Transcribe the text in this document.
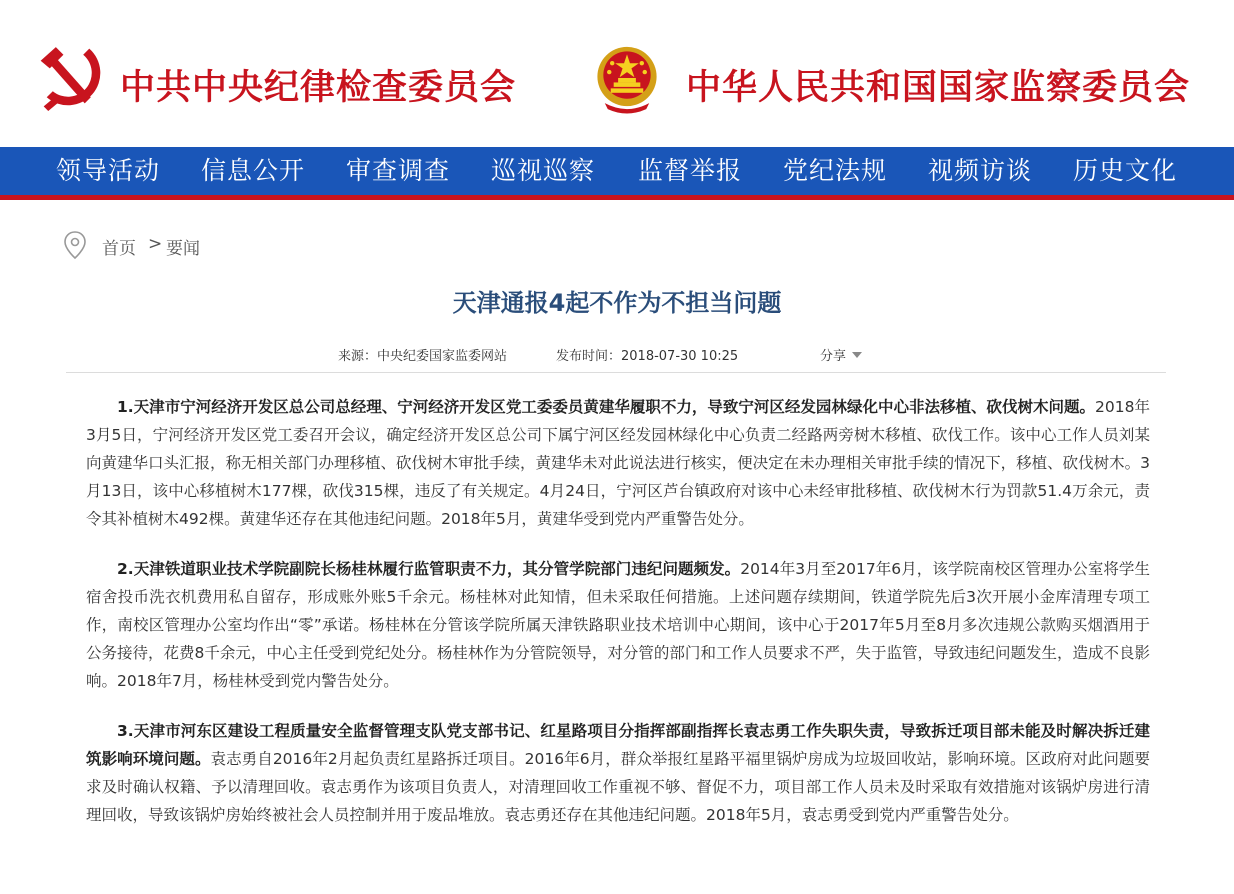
中共中央纪律检查委员会	中华人民共和国国家监察委员会
领导活动 信息公开 审查调查 巡视巡察 监督举报 党纪法规 视频访谈 历史文化
首页 > 要闻
天津通报4起不作为不担当问题
来源：中央纪委国家监委网站	发布时间：2018-07-30 10:25	分享

1.天津市宁河经济开发区总公司总经理、宁河经济开发区党工委委员黄建华履职不力，导致宁河区经发园林绿化中心非法移植、砍伐树木问题。2018年3月5日，宁河经济开发区党工委召开会议，确定经济开发区总公司下属宁河区经发园林绿化中心负责二经路两旁树木移植、砍伐工作。该中心工作人员刘某向黄建华口头汇报，称无相关部门办理移植、砍伐树木审批手续，黄建华未对此说法进行核实，便决定在未办理相关审批手续的情况下，移植、砍伐树木。3月13日，该中心移植树木177棵，砍伐315棵，违反了有关规定。4月24日，宁河区芦台镇政府对该中心未经审批移植、砍伐树木行为罚款51.4万余元，责令其补植树木492棵。黄建华还存在其他违纪问题。2018年5月，黄建华受到党内严重警告处分。

2.天津铁道职业技术学院副院长杨桂林履行监管职责不力，其分管学院部门违纪问题频发。2014年3月至2017年6月，该学院南校区管理办公室将学生宿舍投币洗衣机费用私自留存，形成账外账5千余元。杨桂林对此知情，但未采取任何措施。上述问题存续期间，铁道学院先后3次开展小金库清理专项工作，南校区管理办公室均作出“零”承诺。杨桂林在分管该学院所属天津铁路职业技术培训中心期间，该中心于2017年5月至8月多次违规公款购买烟酒用于公务接待，花费8千余元，中心主任受到党纪处分。杨桂林作为分管院领导，对分管的部门和工作人员要求不严，失于监管，导致违纪问题发生，造成不良影响。2018年7月，杨桂林受到党内警告处分。

3.天津市河东区建设工程质量安全监督管理支队党支部书记、红星路项目分指挥部副指挥长袁志勇工作失职失责，导致拆迁项目部未能及时解决拆迁建筑影响环境问题。袁志勇自2016年2月起负责红星路拆迁项目。2016年6月，群众举报红星路平福里锅炉房成为垃圾回收站，影响环境。区政府对此问题要求及时确认权籍、予以清理回收。袁志勇作为该项目负责人，对清理回收工作重视不够、督促不力，项目部工作人员未及时采取有效措施对该锅炉房进行清理回收，导致该锅炉房始终被社会人员控制并用于废品堆放。袁志勇还存在其他违纪问题。2018年5月，袁志勇受到党内严重警告处分。
